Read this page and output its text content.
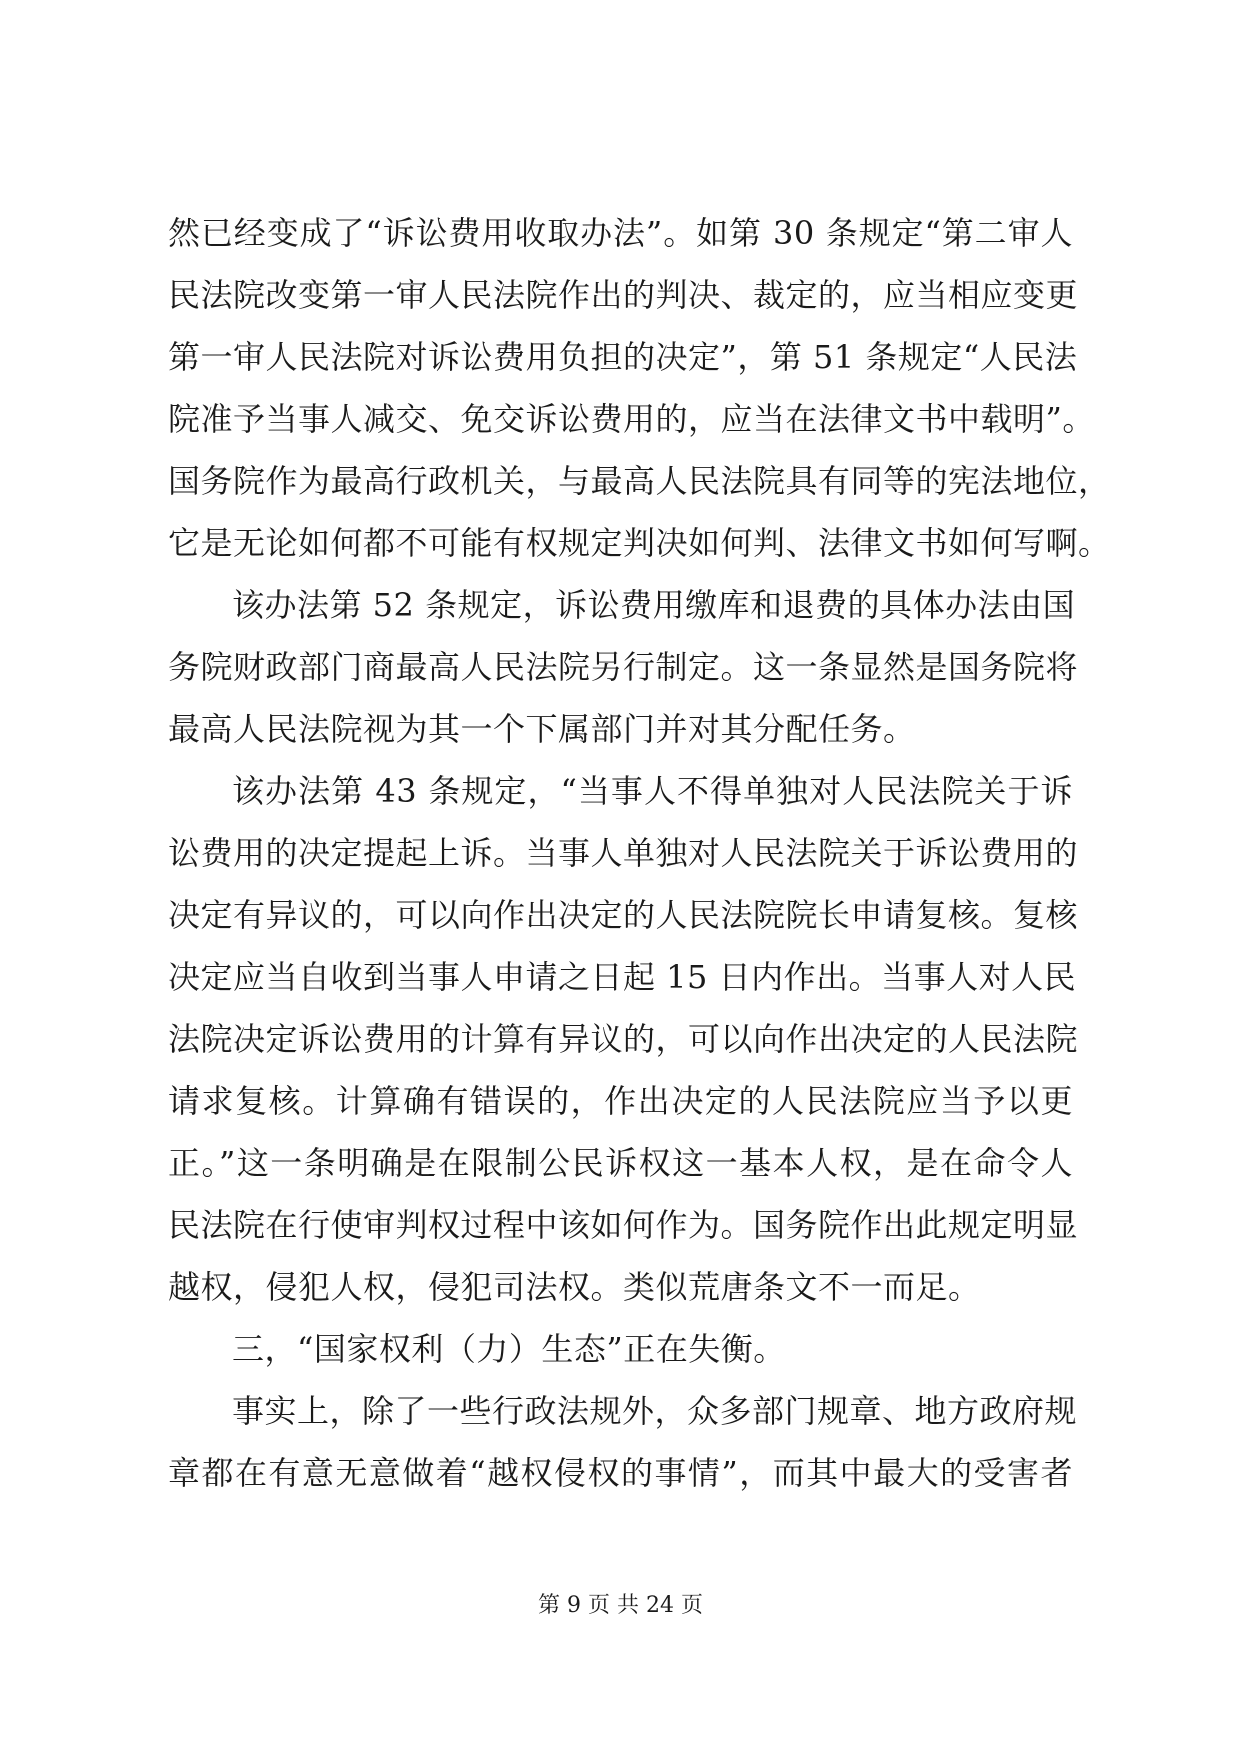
然已经变成了“诉讼费用收取办法”。如第 30 条规定“第二审人
民法院改变第一审人民法院作出的判决、裁定的，应当相应变更
第一审人民法院对诉讼费用负担的决定”，第 51 条规定“人民法
院准予当事人减交、免交诉讼费用的，应当在法律文书中载明”。
国务院作为最高行政机关，与最高人民法院具有同等的宪法地位，
它是无论如何都不可能有权规定判决如何判、法律文书如何写啊。
该办法第 52 条规定，诉讼费用缴库和退费的具体办法由国
务院财政部门商最高人民法院另行制定。这一条显然是国务院将
最高人民法院视为其一个下属部门并对其分配任务。
该办法第 43 条规定，“当事人不得单独对人民法院关于诉
讼费用的决定提起上诉。当事人单独对人民法院关于诉讼费用的
决定有异议的，可以向作出决定的人民法院院长申请复核。复核
决定应当自收到当事人申请之日起 15 日内作出。当事人对人民
法院决定诉讼费用的计算有异议的，可以向作出决定的人民法院
请求复核。计算确有错误的，作出决定的人民法院应当予以更
正。”这一条明确是在限制公民诉权这一基本人权，是在命令人
民法院在行使审判权过程中该如何作为。国务院作出此规定明显
越权，侵犯人权，侵犯司法权。类似荒唐条文不一而足。
三，“国家权利（力）生态”正在失衡。
事实上，除了一些行政法规外，众多部门规章、地方政府规
章都在有意无意做着“越权侵权的事情”，而其中最大的受害者
第 9 页 共 24 页
